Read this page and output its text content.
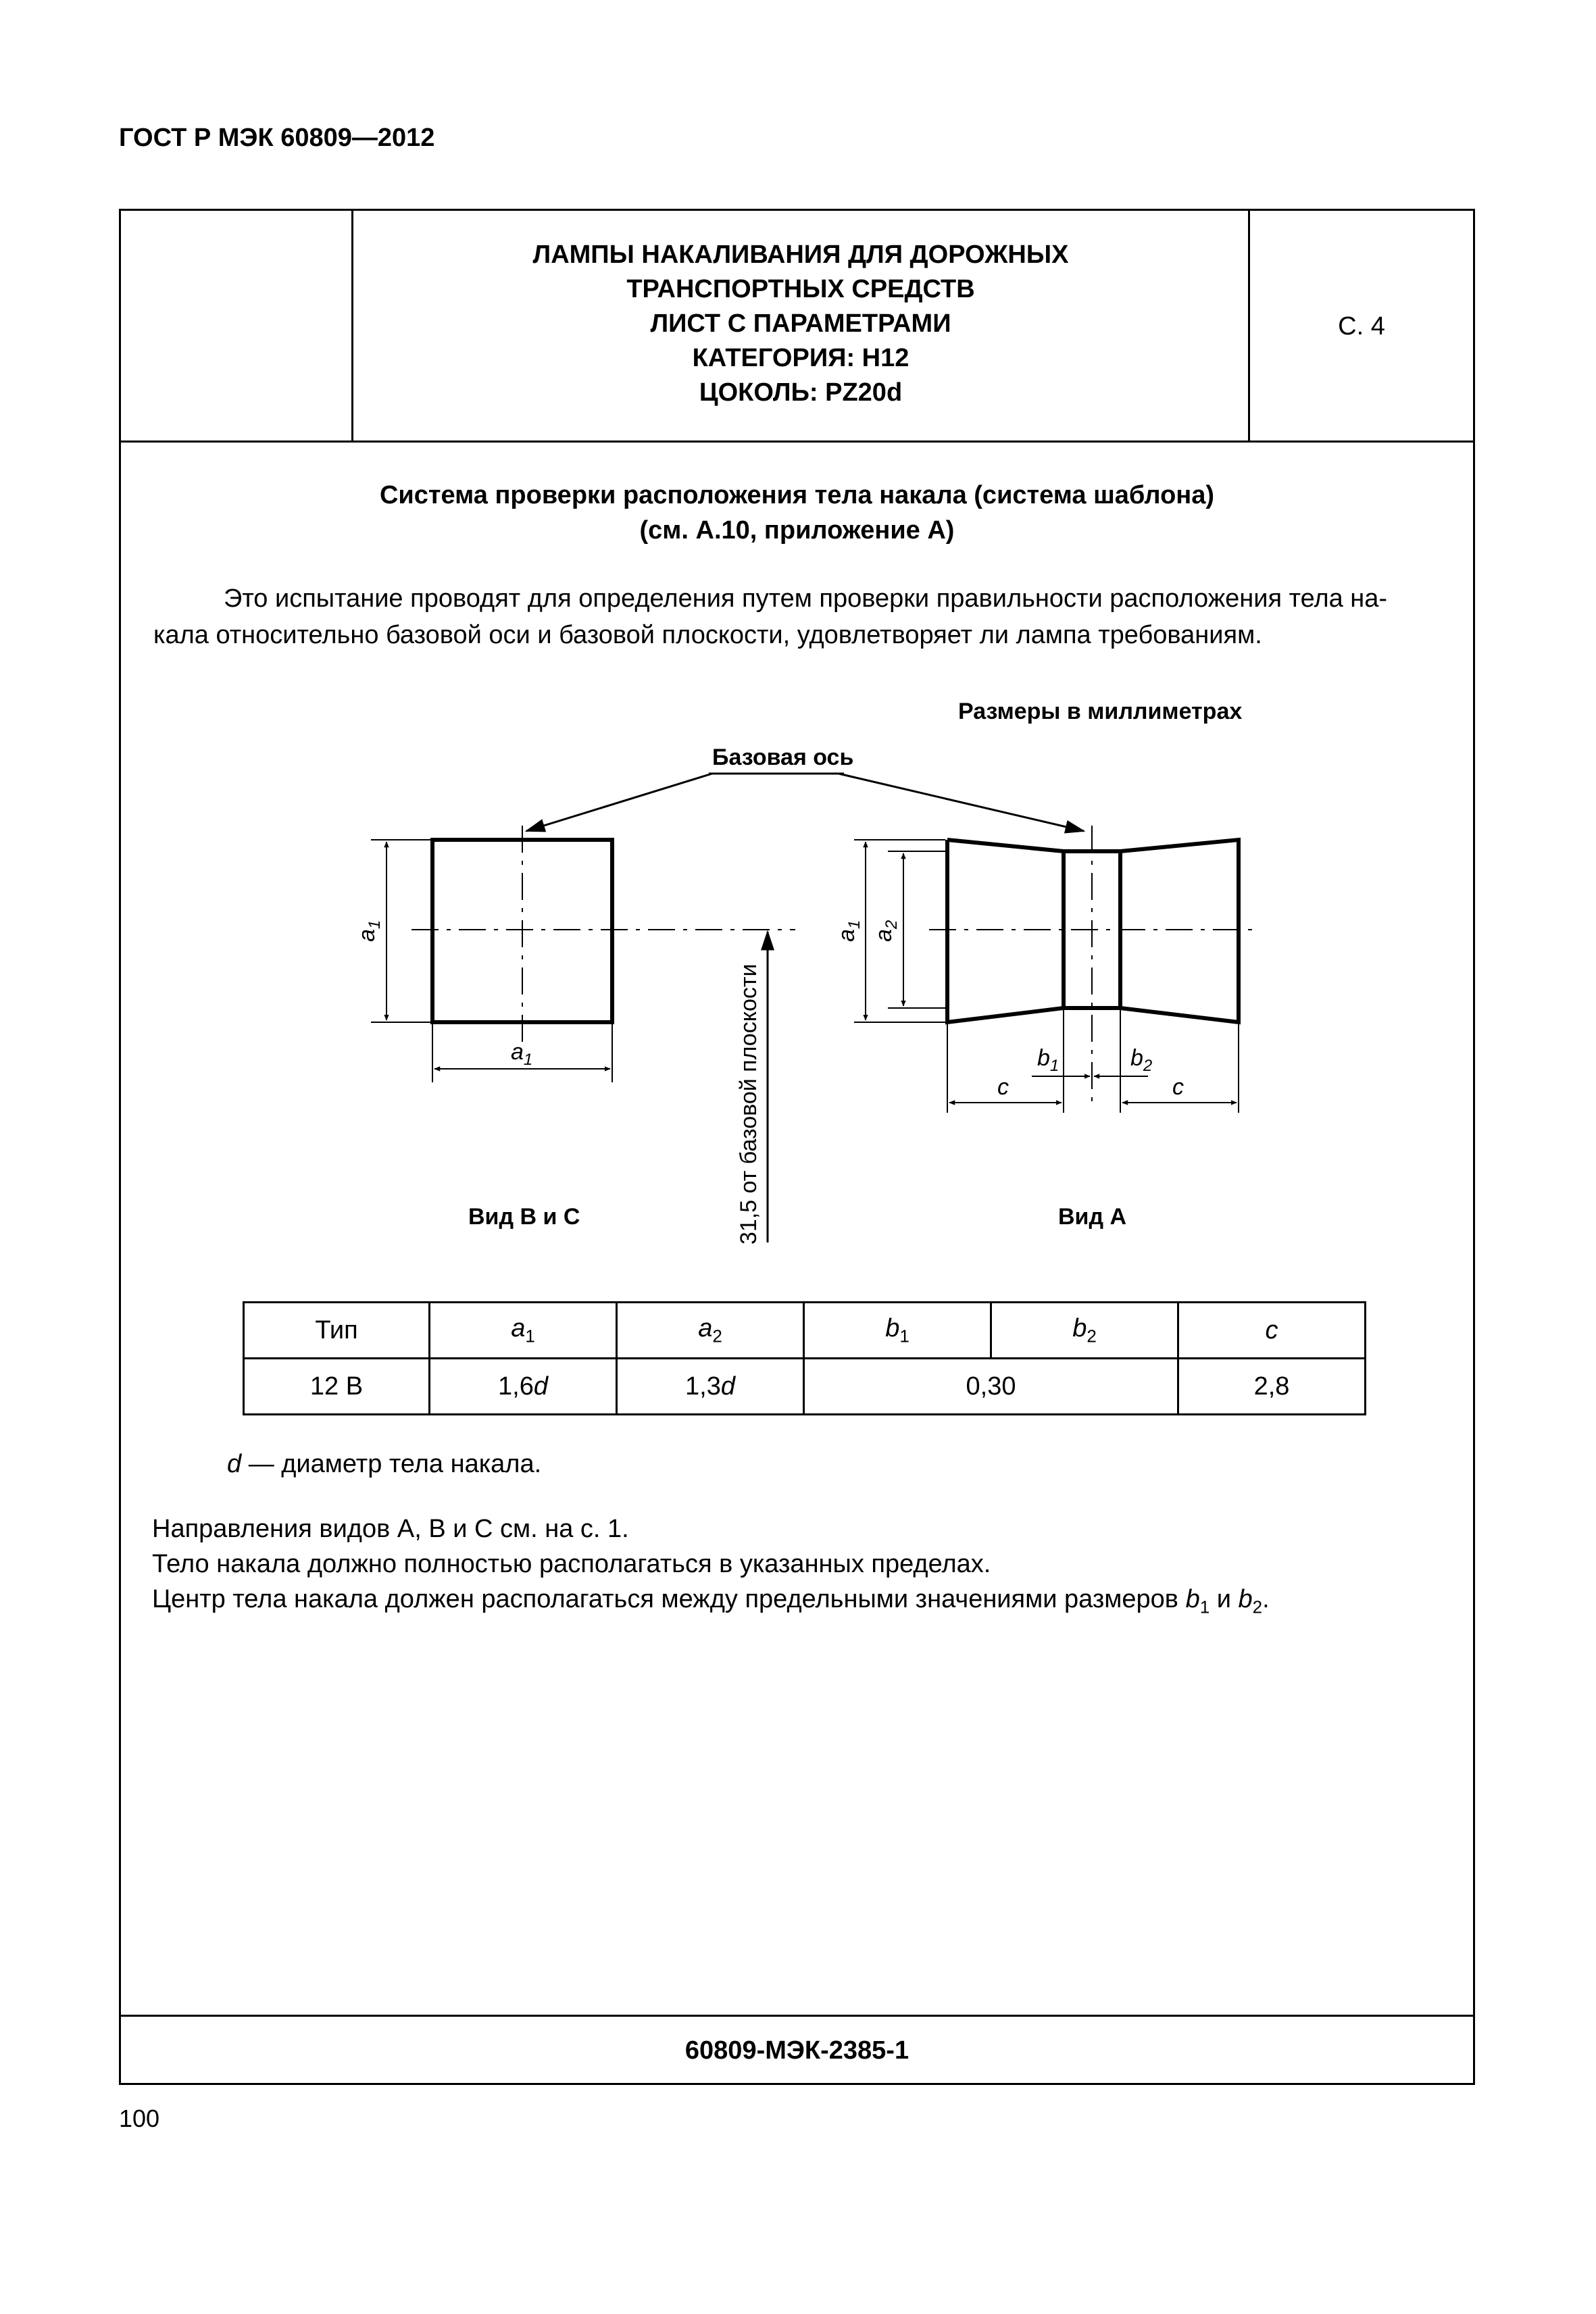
ГОСТ Р МЭК 60809—2012
ЛАМПЫ НАКАЛИВАНИЯ ДЛЯ ДОРОЖНЫХ
ТРАНСПОРТНЫХ СРЕДСТВ
ЛИСТ С ПАРАМЕТРАМИ
КАТЕГОРИЯ: H12
ЦОКОЛЬ: PZ20d
С. 4
Система проверки расположения тела накала (система шаблона)
(см. А.10, приложение А)
Это испытание проводят для определения путем проверки правильности расположения тела на-
кала относительно базовой оси и базовой плоскости, удовлетворяет ли лампа требованиям.
Размеры в миллиметрах
Базовая ось
$a_1$
$a_1$	31,5 от базовой плоскости
Вид В и С	Вид А
$a_1$
$a_2$
$b_1$	$b_2$
c	c
Тип	$a_1$	$a_2$	$b_1$	$b_2$	c
12 В	1,6d	1,3d	0,30		2,8
d — диаметр тела накала.
Направления видов А, В и С см. на с. 1.
Тело накала должно полностью располагаться в указанных пределах.
Центр тела накала должен располагаться между предельными значениями размеров $b_1$ и $b_2$.
60809-МЭК-2385-1
100
